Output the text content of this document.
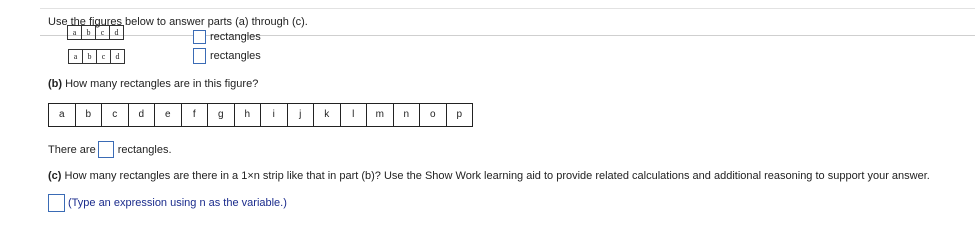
Use the figures below to answer parts (a) through (c).
a	b	c	d	rectangles
a	b	c	d	rectangles
(b) How many rectangles are in this figure?
a	b	c	d	e	f	g	h	i	j	k	l	m	n	o	p
There are rectangles.
(c) How many rectangles are there in a 1×n strip like that in part (b)? Use the Show Work learning aid to provide related calculations and additional reasoning to support your answer.
(Type an expression using n as the variable.)
